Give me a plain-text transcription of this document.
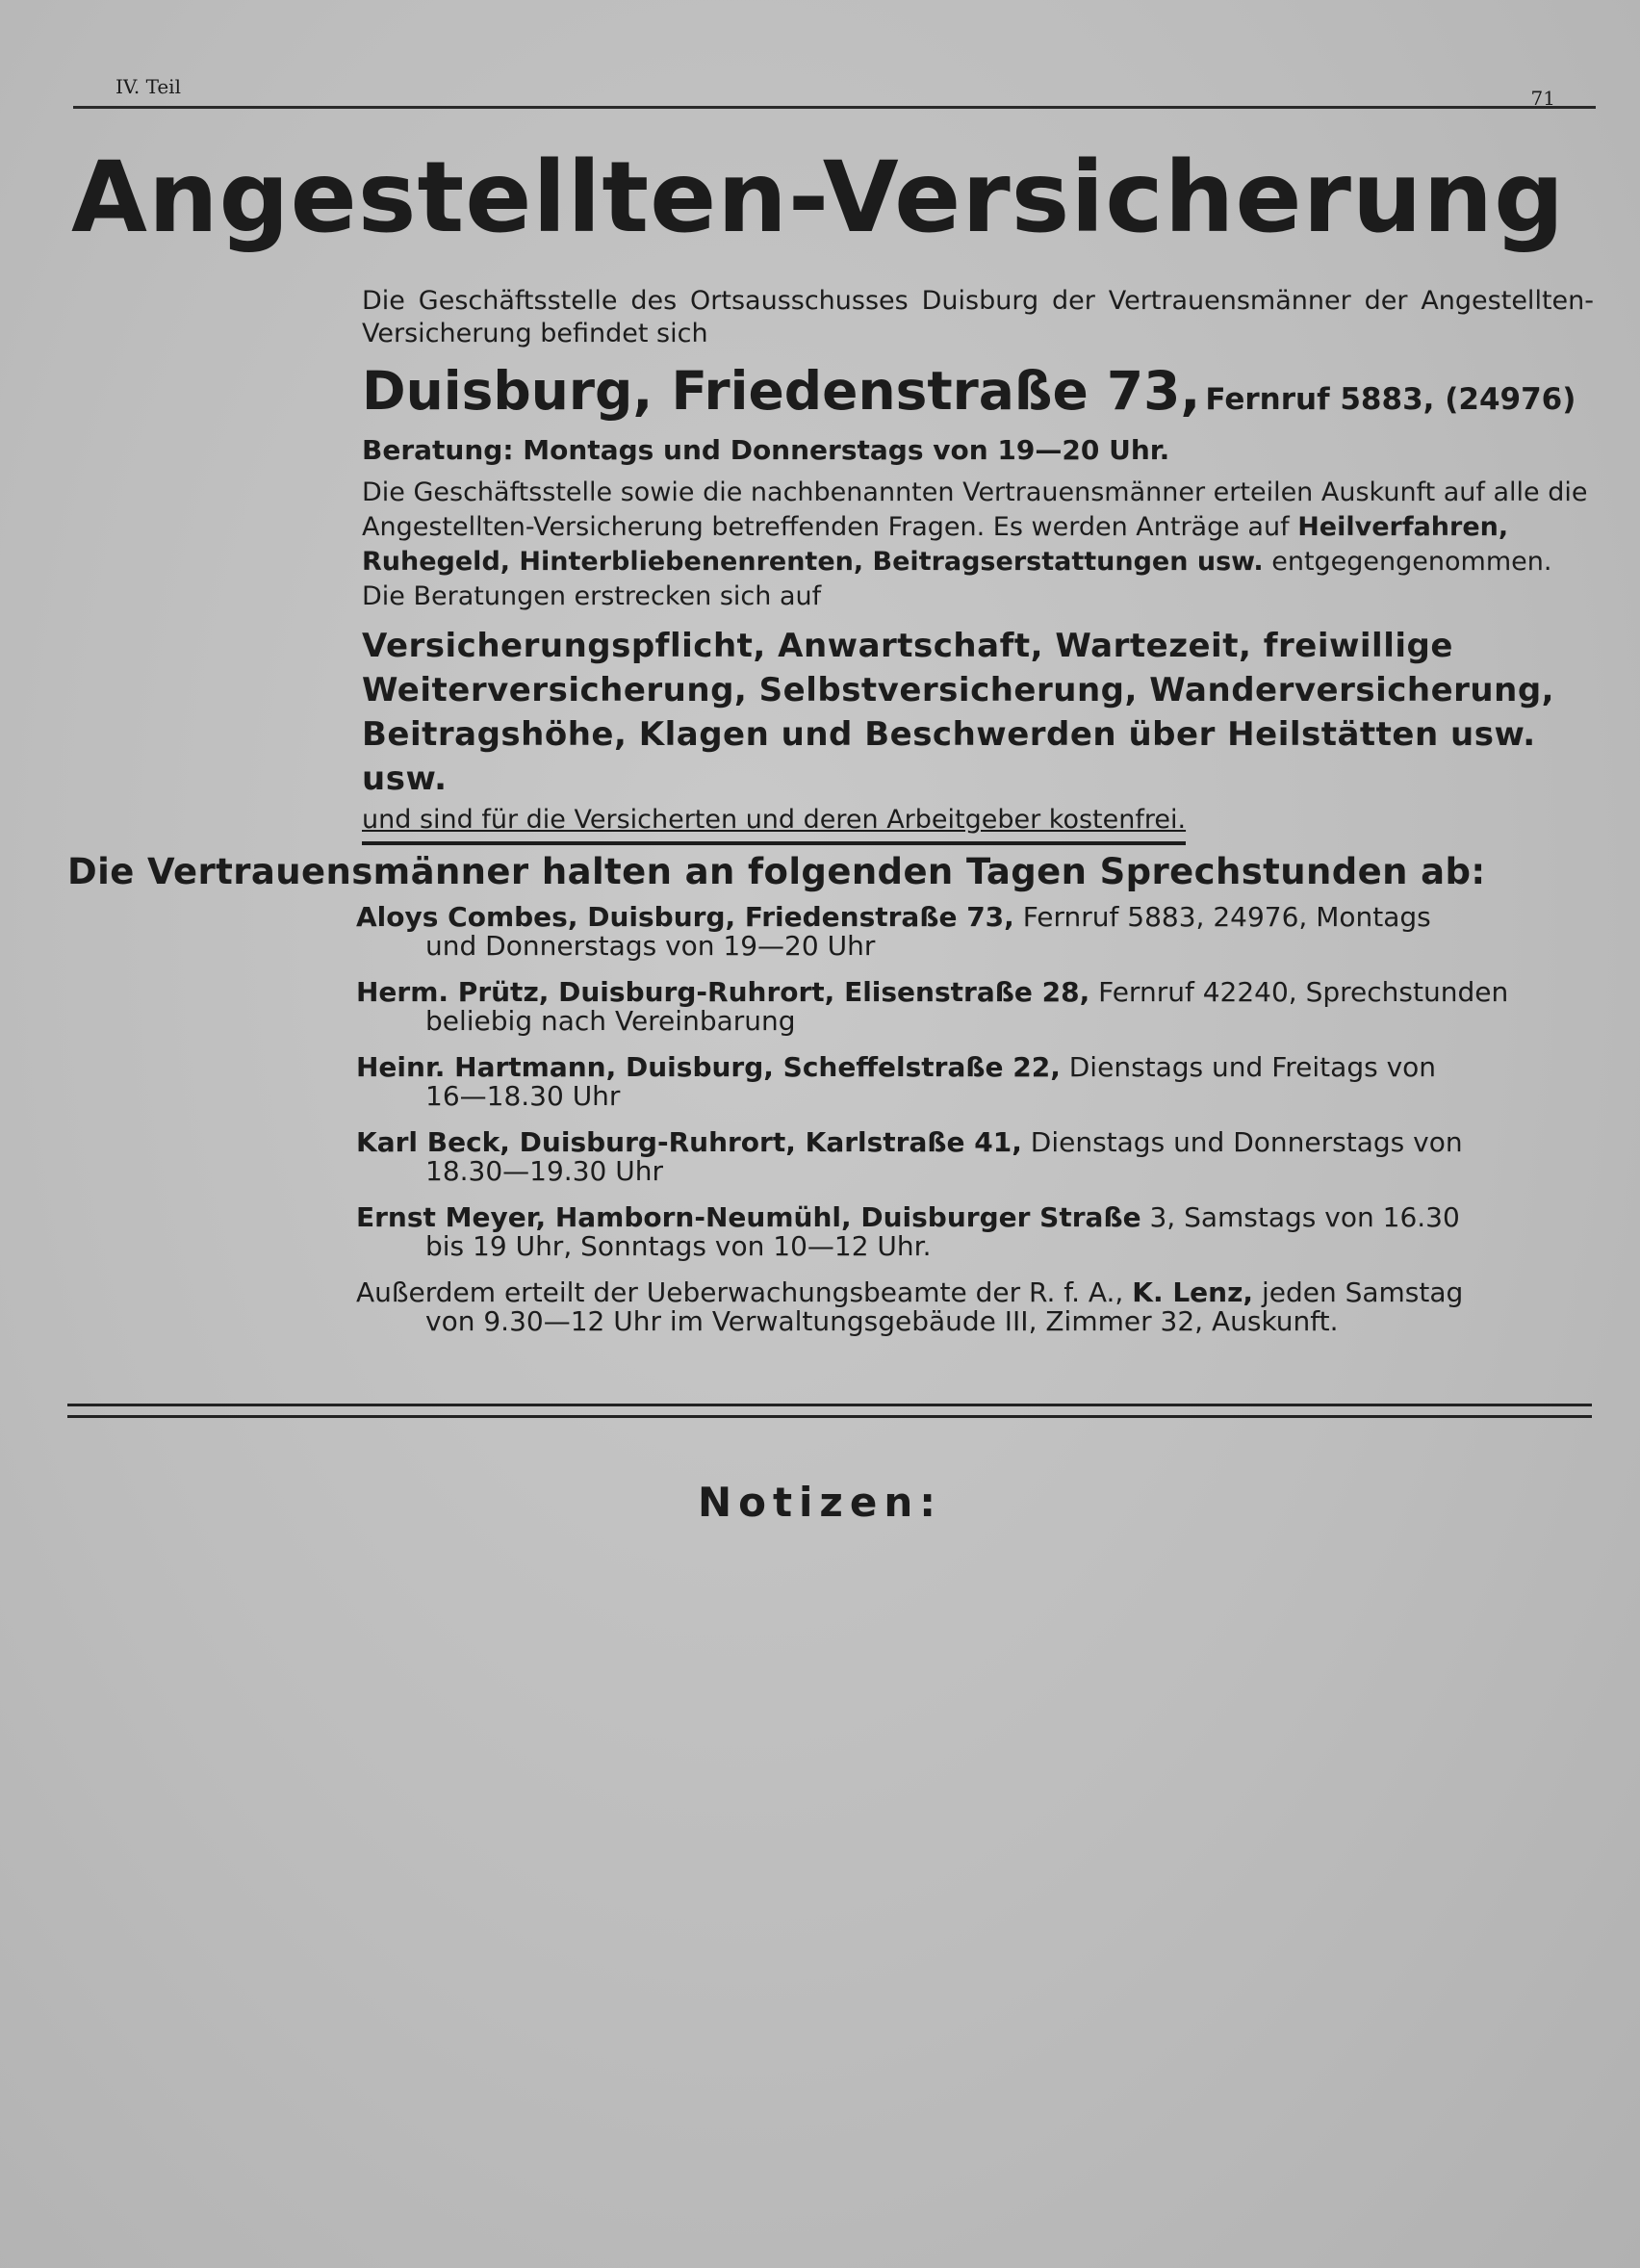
IV. Teil	71
Angestellten-Versicherung

Die Geschäftsstelle des Ortsausschusses Duisburg der Vertrauensmänner der Angestellten-Versicherung befindet sich

Duisburg, Friedenstraße 73, Fernruf 5883, (24976)

Beratung: Montags und Donnerstags von 19—20 Uhr.

Die Geschäftsstelle sowie die nachbenannten Vertrauensmänner erteilen Auskunft auf alle die Angestellten-Versicherung betreffenden Fragen. Es werden Anträge auf Heilverfahren, Ruhegeld, Hinterbliebenenrenten, Beitragserstattungen usw. entgegengenommen. Die Beratungen erstrecken sich auf

Versicherungspflicht, Anwartschaft, Wartezeit, freiwillige Weiterversicherung, Selbstversicherung, Wanderversicherung, Beitragshöhe, Klagen und Beschwerden über Heilstätten usw. usw.

und sind für die Versicherten und deren Arbeitgeber kostenfrei.
Die Vertrauensmänner halten an folgenden Tagen Sprechstunden ab:

Aloys Combes, Duisburg, Friedenstraße 73, Fernruf 5883, 24976, Montags
und Donnerstags von 19—20 Uhr

Herm. Prütz, Duisburg-Ruhrort, Elisenstraße 28, Fernruf 42240, Sprechstunden
beliebig nach Vereinbarung

Heinr. Hartmann, Duisburg, Scheffelstraße 22, Dienstags und Freitags von
16—18.30 Uhr

Karl Beck, Duisburg-Ruhrort, Karlstraße 41, Dienstags und Donnerstags von
18.30—19.30 Uhr

Ernst Meyer, Hamborn-Neumühl, Duisburger Straße 3, Samstags von 16.30
bis 19 Uhr, Sonntags von 10—12 Uhr.

Außerdem erteilt der Ueberwachungsbeamte der R. f. A., K. Lenz, jeden Samstag
von 9.30—12 Uhr im Verwaltungsgebäude III, Zimmer 32, Auskunft.

Notizen:
